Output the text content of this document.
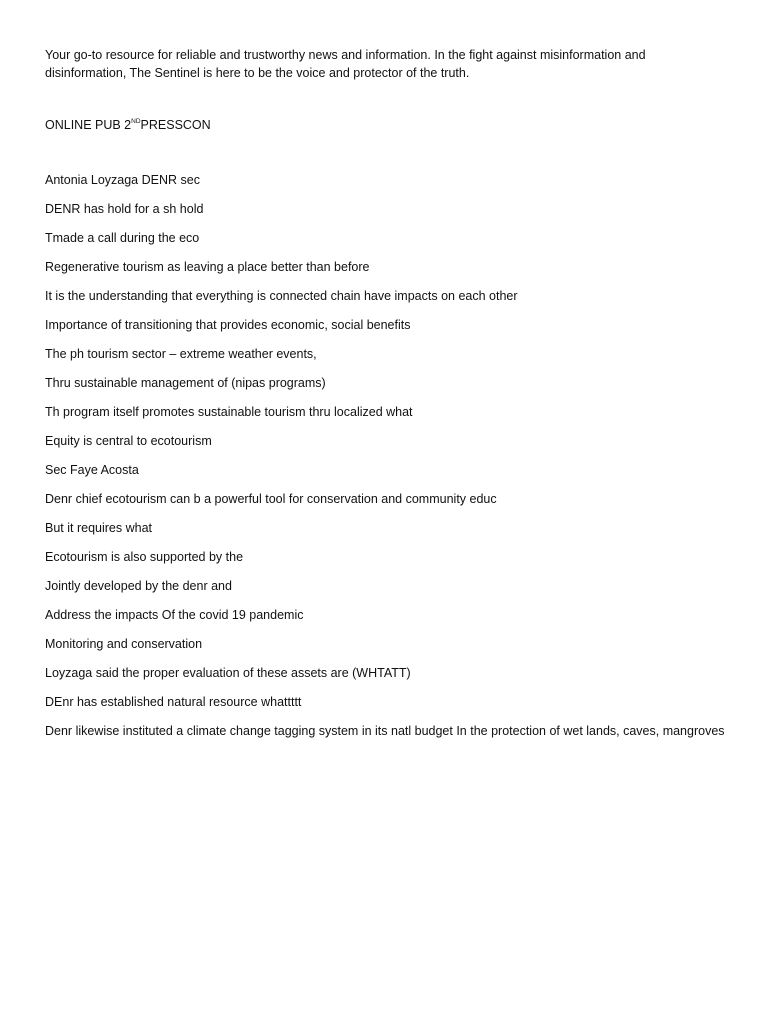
Your go-to resource for reliable and trustworthy news and information. In the fight against misinformation and disinformation, The Sentinel is here to be the voice and protector of the truth.

ONLINE PUB 2NDPRESSCON

Antonia Loyzaga DENR sec
DENR has hold for a sh hold
Tmade a call during the eco
Regenerative tourism as leaving a place better than before
It is the understanding that everything is connected chain have impacts on each other
Importance of transitioning that provides economic, social benefits
The ph tourism sector – extreme weather events,
Thru sustainable management of (nipas programs)
Th program itself promotes sustainable tourism thru localized what
Equity is central to ecotourism
Sec Faye Acosta
Denr chief ecotourism can b a powerful tool for conservation and community educ
But it requires what
Ecotourism is also supported by the
Jointly developed by the denr and
Address the impacts Of the covid 19 pandemic
Monitoring and conservation
Loyzaga said the proper evaluation of these assets are (WHTATT)
DEnr has established natural resource whattttt
Denr likewise instituted a climate change tagging system in its natl budget In the protection of wet lands, caves, mangroves
